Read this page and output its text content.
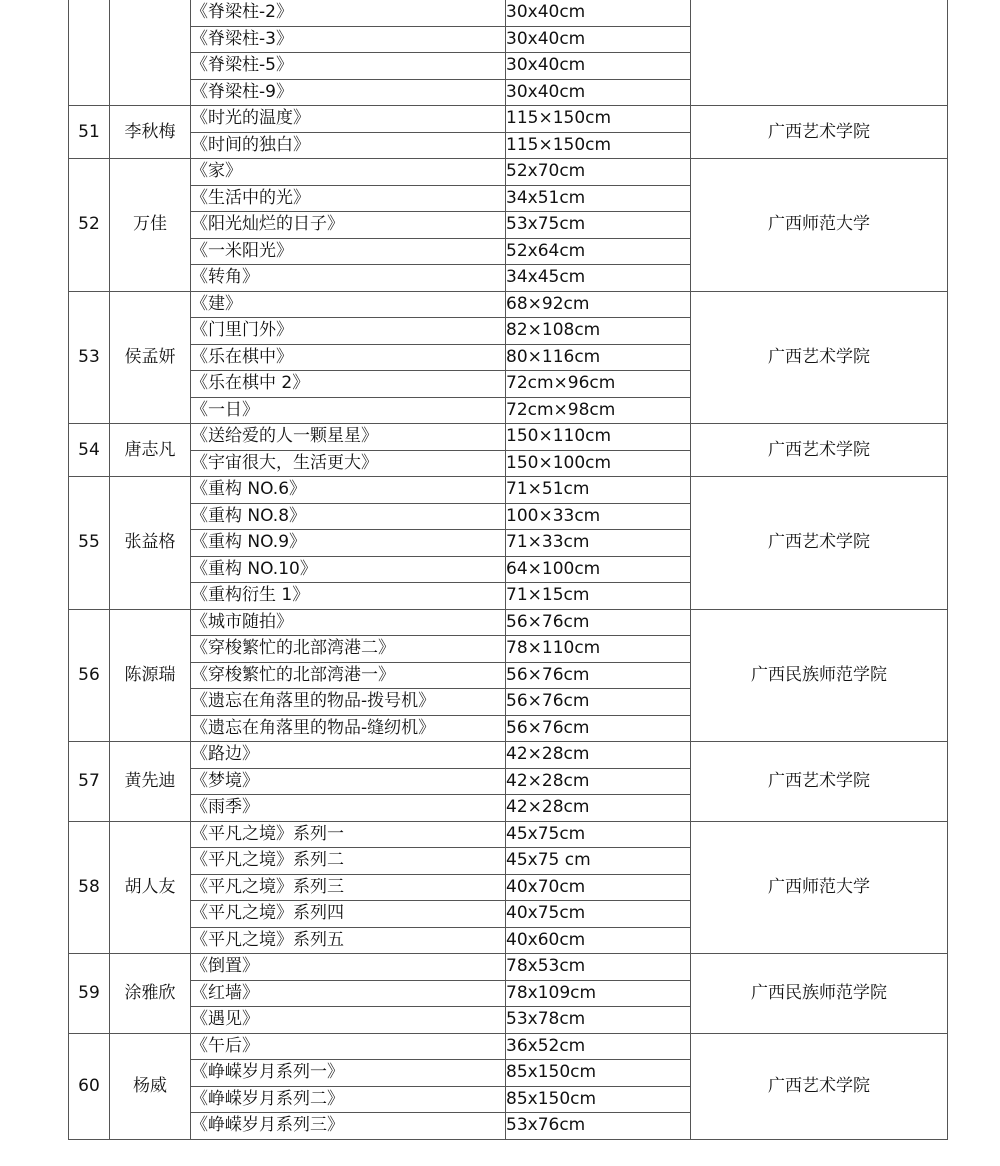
		《脊梁柱-2》	30x40cm	
		《脊梁柱-3》	30x40cm	
		《脊梁柱-5》	30x40cm	
		《脊梁柱-9》	30x40cm	
51	李秋梅	《时光的温度》	115×150cm	广西艺术学院
		《时间的独白》	115×150cm	
52	万佳	《家》	52x70cm	广西师范大学
		《生活中的光》	34x51cm	
		《阳光灿烂的日子》	53x75cm	
		《一米阳光》	52x64cm	
		《转角》	34x45cm	
53	侯孟妍	《建》	68×92cm	广西艺术学院
		《门里门外》	82×108cm	
		《乐在棋中》	80×116cm	
		《乐在棋中 2》	72cm×96cm	
		《一日》	72cm×98cm	
54	唐志凡	《送给爱的人一颗星星》	150×110cm	广西艺术学院
		《宇宙很大，生活更大》	150×100cm	
55	张益格	《重构 NO.6》	71×51cm	广西艺术学院
		《重构 NO.8》	100×33cm	
		《重构 NO.9》	71×33cm	
		《重构 NO.10》	64×100cm	
		《重构衍生 1》	71×15cm	
56	陈源瑞	《城市随拍》	56×76cm	广西民族师范学院
		《穿梭繁忙的北部湾港二》	78×110cm	
		《穿梭繁忙的北部湾港一》	56×76cm	
		《遗忘在角落里的物品-拨号机》	56×76cm	
		《遗忘在角落里的物品-缝纫机》	56×76cm	
57	黄先迪	《路边》	42×28cm	广西艺术学院
		《梦境》	42×28cm	
		《雨季》	42×28cm	
58	胡人友	《平凡之境》系列一	45x75cm	广西师范大学
		《平凡之境》系列二	45x75 cm	
		《平凡之境》系列三	40x70cm	
		《平凡之境》系列四	40x75cm	
		《平凡之境》系列五	40x60cm	
59	涂雅欣	《倒置》	78x53cm	广西民族师范学院
		《红墙》	78x109cm	
		《遇见》	53x78cm	
60	杨威	《午后》	36x52cm	广西艺术学院
		《峥嵘岁月系列一》	85x150cm	
		《峥嵘岁月系列二》	85x150cm	
		《峥嵘岁月系列三》	53x76cm	
